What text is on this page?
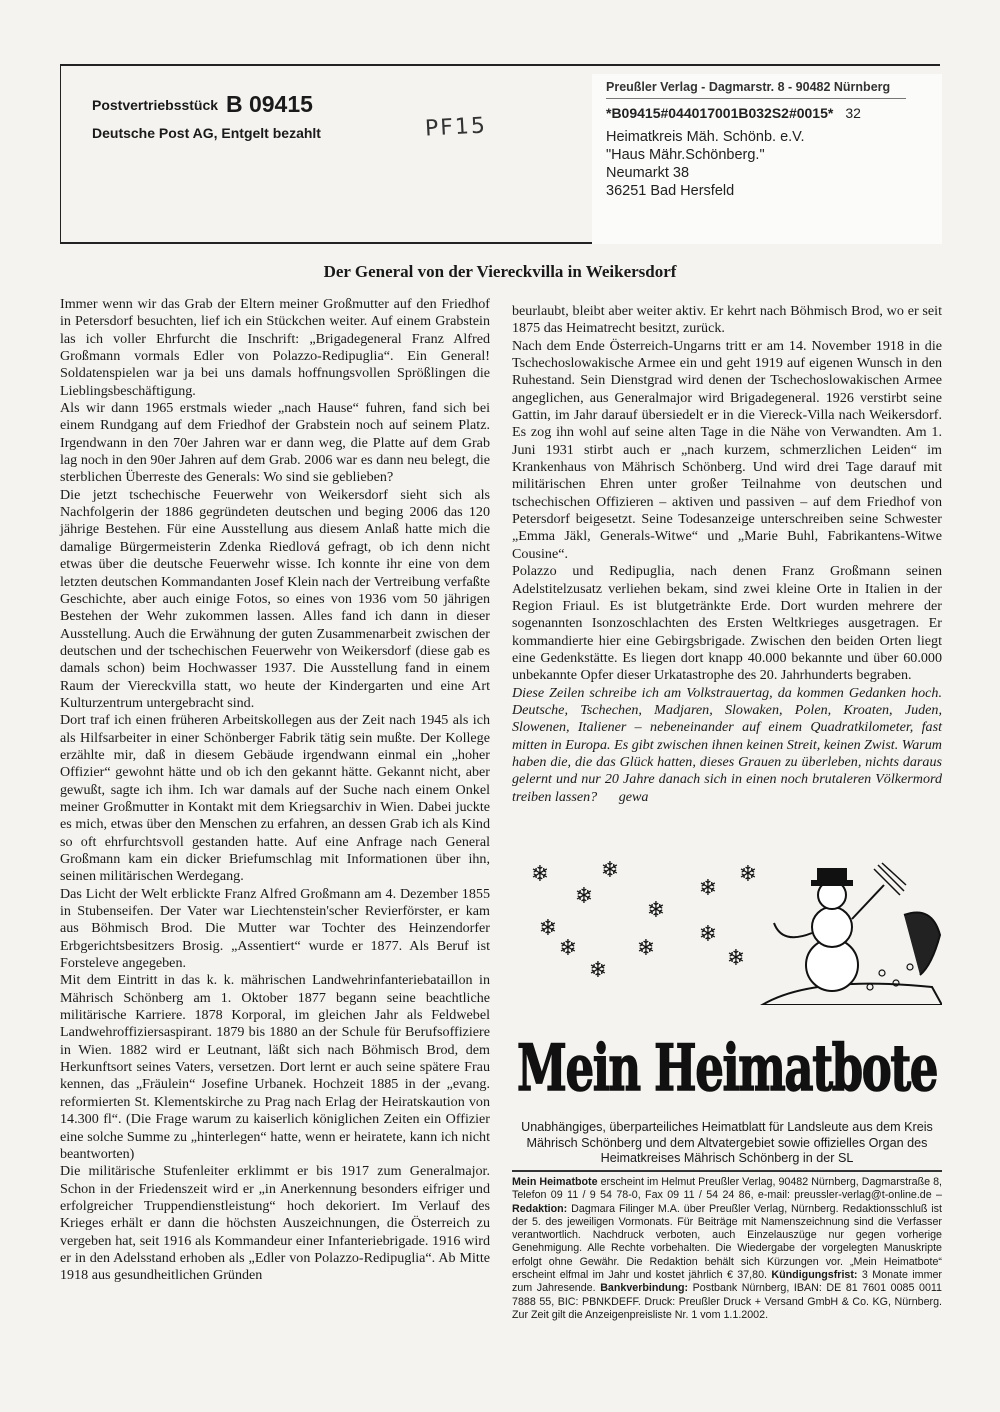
Postvertriebsstück B 09415
Deutsche Post AG, Entgelt bezahlt	PF15
Preußler Verlag - Dagmarstr. 8 - 90482 Nürnberg
*B09415#044017001B032S2#0015* 32
Heimatkreis Mäh. Schönb. e.V.
"Haus Mähr.Schönberg."
Neumarkt 38
36251 Bad Hersfeld
Der General von der Viereckvilla in Weikersdorf

Immer wenn wir das Grab der Eltern meiner Großmutter auf den Friedhof in Petersdorf besuchten, lief ich ein Stückchen weiter. Auf einem Grabstein las ich voller Ehrfurcht die Inschrift: „Brigadegeneral Franz Alfred Großmann vormals Edler von Polazzo-Redipuglia“. Ein General! Soldatenspielen war ja bei uns damals hoffnungsvollen Sprößlingen die Lieblingsbeschäftigung.

Als wir dann 1965 erstmals wieder „nach Hause“ fuhren, fand sich bei einem Rundgang auf dem Friedhof der Grabstein noch auf seinem Platz. Irgendwann in den 70er Jahren war er dann weg, die Platte auf dem Grab lag noch in den 90er Jahren auf dem Grab. 2006 war es dann neu belegt, die sterblichen Überreste des Generals: Wo sind sie geblieben?

Die jetzt tschechische Feuerwehr von Weikersdorf sieht sich als Nachfolgerin der 1886 gegründeten deutschen und beging 2006 das 120 jährige Bestehen. Für eine Ausstellung aus diesem Anlaß hatte mich die damalige Bürgermeisterin Zdenka Riedlová gefragt, ob ich denn nicht etwas über die deutsche Feuerwehr wisse. Ich konnte ihr eine von dem letzten deutschen Kommandanten Josef Klein nach der Vertreibung verfaßte Geschichte, aber auch einige Fotos, so eines von 1936 vom 50 jährigen Bestehen der Wehr zukommen lassen. Alles fand ich dann in dieser Ausstellung. Auch die Erwähnung der guten Zusammenarbeit zwischen der deutschen und der tschechischen Feuerwehr von Weikersdorf (diese gab es damals schon) beim Hochwasser 1937. Die Ausstellung fand in einem Raum der Viereckvilla statt, wo heute der Kindergarten und eine Art Kulturzentrum untergebracht sind.

Dort traf ich einen früheren Arbeitskollegen aus der Zeit nach 1945 als ich als Hilfsarbeiter in einer Schönberger Fabrik tätig sein mußte. Der Kollege erzählte mir, daß in diesem Gebäude irgendwann einmal ein „hoher Offizier“ gewohnt hätte und ob ich den gekannt hätte. Gekannt nicht, aber gewußt, sagte ich ihm. Ich war damals auf der Suche nach einem Onkel meiner Großmutter in Kontakt mit dem Kriegsarchiv in Wien. Dabei juckte es mich, etwas über den Menschen zu erfahren, an dessen Grab ich als Kind so oft ehrfurchtsvoll gestanden hatte. Auf eine Anfrage nach General Großmann kam ein dicker Briefumschlag mit Informationen über ihn, seinen militärischen Werdegang.

Das Licht der Welt erblickte Franz Alfred Großmann am 4. Dezember 1855 in Stubenseifen. Der Vater war Liechtenstein'scher Revierförster, er kam aus Böhmisch Brod. Die Mutter war Tochter des Heinzendorfer Erbgerichtsbesitzers Brosig. „Assentiert“ wurde er 1877. Als Beruf ist Forsteleve angegeben.

Mit dem Eintritt in das k. k. mährischen Landwehrinfanteriebataillon in Mährisch Schönberg am 1. Oktober 1877 begann seine beachtliche militärische Karriere. 1878 Korporal, im gleichen Jahr als Feldwebel Landwehroffiziersaspirant. 1879 bis 1880 an der Schule für Berufsoffiziere in Wien. 1882 wird er Leutnant, läßt sich nach Böhmisch Brod, dem Herkunftsort seines Vaters, versetzen. Dort lernt er auch seine spätere Frau kennen, das „Fräulein“ Josefine Urbanek. Hochzeit 1885 in der „evang. reformierten St. Klementskirche zu Prag nach Erlag der Heiratskaution von 14.300 fl“. (Die Frage warum zu kaiserlich königlichen Zeiten ein Offizier eine solche Summe zu „hinterlegen“ hatte, wenn er heiratete, kann ich nicht beantworten)

Die militärische Stufenleiter erklimmt er bis 1917 zum Generalmajor. Schon in der Friedenszeit wird er „in Anerkennung besonders eifriger und erfolgreicher Truppendienstleistung“ hoch dekoriert. Im Verlauf des Krieges erhält er dann die höchsten Auszeichnungen, die Österreich zu vergeben hat, seit 1916 als Kommandeur einer Infanteriebrigade. 1916 wird er in den Adelsstand erhoben als „Edler von Polazzo-Redipuglia“. Ab Mitte 1918 aus gesundheitlichen Gründen

beurlaubt, bleibt aber weiter aktiv. Er kehrt nach Böhmisch Brod, wo er seit 1875 das Heimatrecht besitzt, zurück.

Nach dem Ende Österreich-Ungarns tritt er am 14. November 1918 in die Tschechoslowakische Armee ein und geht 1919 auf eigenen Wunsch in den Ruhestand. Sein Dienstgrad wird denen der Tschechoslowakischen Armee angeglichen, aus Generalmajor wird Brigadegeneral. 1926 verstirbt seine Gattin, im Jahr darauf übersiedelt er in die Viereck-Villa nach Weikersdorf. Es zog ihn wohl auf seine alten Tage in die Nähe von Verwandten. Am 1. Juni 1931 stirbt auch er „nach kurzem, schmerzlichen Leiden“ im Krankenhaus von Mährisch Schönberg. Und wird drei Tage darauf mit militärischen Ehren unter großer Teilnahme von deutschen und tschechischen Offizieren – aktiven und passiven – auf dem Friedhof von Petersdorf beigesetzt. Seine Todesanzeige unterschreiben seine Schwester „Emma Jäkl, Generals-Witwe“ und „Marie Buhl, Fabrikantens-Witwe Cousine“.

Polazzo und Redipuglia, nach denen Franz Großmann seinen Adelstitelzusatz verliehen bekam, sind zwei kleine Orte in Italien in der Region Friaul. Es ist blutgetränkte Erde. Dort wurden mehrere der sogenannten Isonzoschlachten des Ersten Weltkrieges ausgetragen. Er kommandierte hier eine Gebirgsbrigade. Zwischen den beiden Orten liegt eine Gedenkstätte. Es liegen dort knapp 40.000 bekannte und über 60.000 unbekannte Opfer dieser Urkatastrophe des 20. Jahrhunderts begraben.

Diese Zeilen schreibe ich am Volkstrauertag, da kommen Gedanken hoch. Deutsche, Tschechen, Madjaren, Slowaken, Polen, Kroaten, Juden, Slowenen, Italiener – nebeneinander auf einem Quadratkilometer, fast mitten in Europa. Es gibt zwischen ihnen keinen Streit, keinen Zwist. Warum haben die, die das Glück hatten, dieses Grauen zu überleben, nichts daraus gelernt und nur 20 Jahre danach sich in einen noch brutaleren Völkermord treiben lassen? gewa

❄
❄
❄
❄
❄
❄
❄
❄
❄
❄
❄
❄
Mein Heimatbote
Unabhängiges, überparteiliches Heimatblatt für Landsleute aus dem Kreis Mährisch Schönberg und dem Altvatergebiet sowie offizielles Organ des Heimatkreises Mährisch Schönberg in der SL
Mein Heimatbote erscheint im Helmut Preußler Verlag, 90482 Nürnberg, Dagmarstraße 8, Telefon 09 11 / 9 54 78-0, Fax 09 11 / 54 24 86, e-mail: preussler-verlag@t-online.de – Redaktion: Dagmara Filinger M.A. über Preußler Verlag, Nürnberg. Redaktionsschluß ist der 5. des jeweiligen Vormonats. Für Beiträge mit Namenszeichnung sind die Verfasser verantwortlich. Nachdruck verboten, auch Einzelauszüge nur gegen vorherige Genehmigung. Alle Rechte vorbehalten. Die Wiedergabe der vorgelegten Manuskripte erfolgt ohne Gewähr. Die Redaktion behält sich Kürzungen vor. „Mein Heimatbote“ erscheint elfmal im Jahr und kostet jährlich € 37,80. Kündigungsfrist: 3 Monate immer zum Jahresende. Bankverbindung: Postbank Nürnberg, IBAN: DE 81 7601 0085 0011 7888 55, BIC: PBNKDEFF. Druck: Preußler Druck + Versand GmbH & Co. KG, Nürnberg. Zur Zeit gilt die Anzeigenpreisliste Nr. 1 vom 1.1.2002.
